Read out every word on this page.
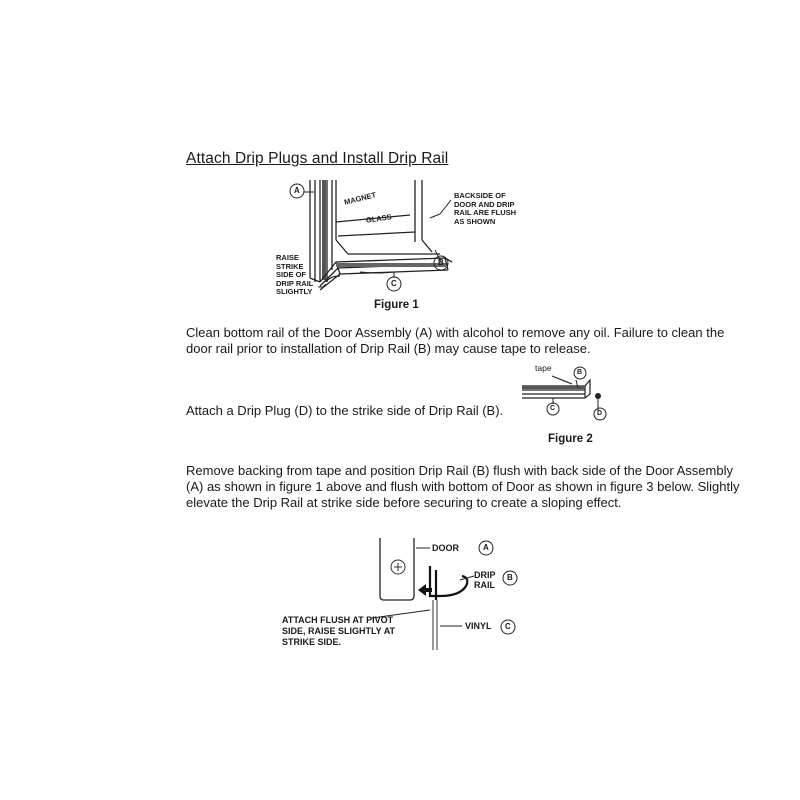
Attach Drip Plugs and Install Drip Rail
A
B
C
MAGNET
GLASS
RAISE
STRIKE
SIDE OF
DRIP RAIL
SLIGHTLY
BACKSIDE OF
DOOR AND DRIP
RAIL ARE FLUSH
AS SHOWN
Figure 1
Clean bottom rail of the Door Assembly (A) with alcohol to remove any oil. Failure to clean the door rail prior to installation of Drip Rail (B) may cause tape to release.
tape	B
C
D
Attach a Drip Plug (D) to the strike side of Drip Rail (B).
Figure 2
Remove backing from tape and position Drip Rail (B) flush with back side of the Door Assembly (A) as shown in figure 1 above and flush with bottom of Door as shown in figure 3 below. Slightly elevate the Drip Rail at strike side before securing to create a sloping effect.
DOOR	A
DRIP
RAIL
B
VINYL C
ATTACH FLUSH AT PIVOT
SIDE, RAISE SLIGHTLY AT
STRIKE SIDE.
